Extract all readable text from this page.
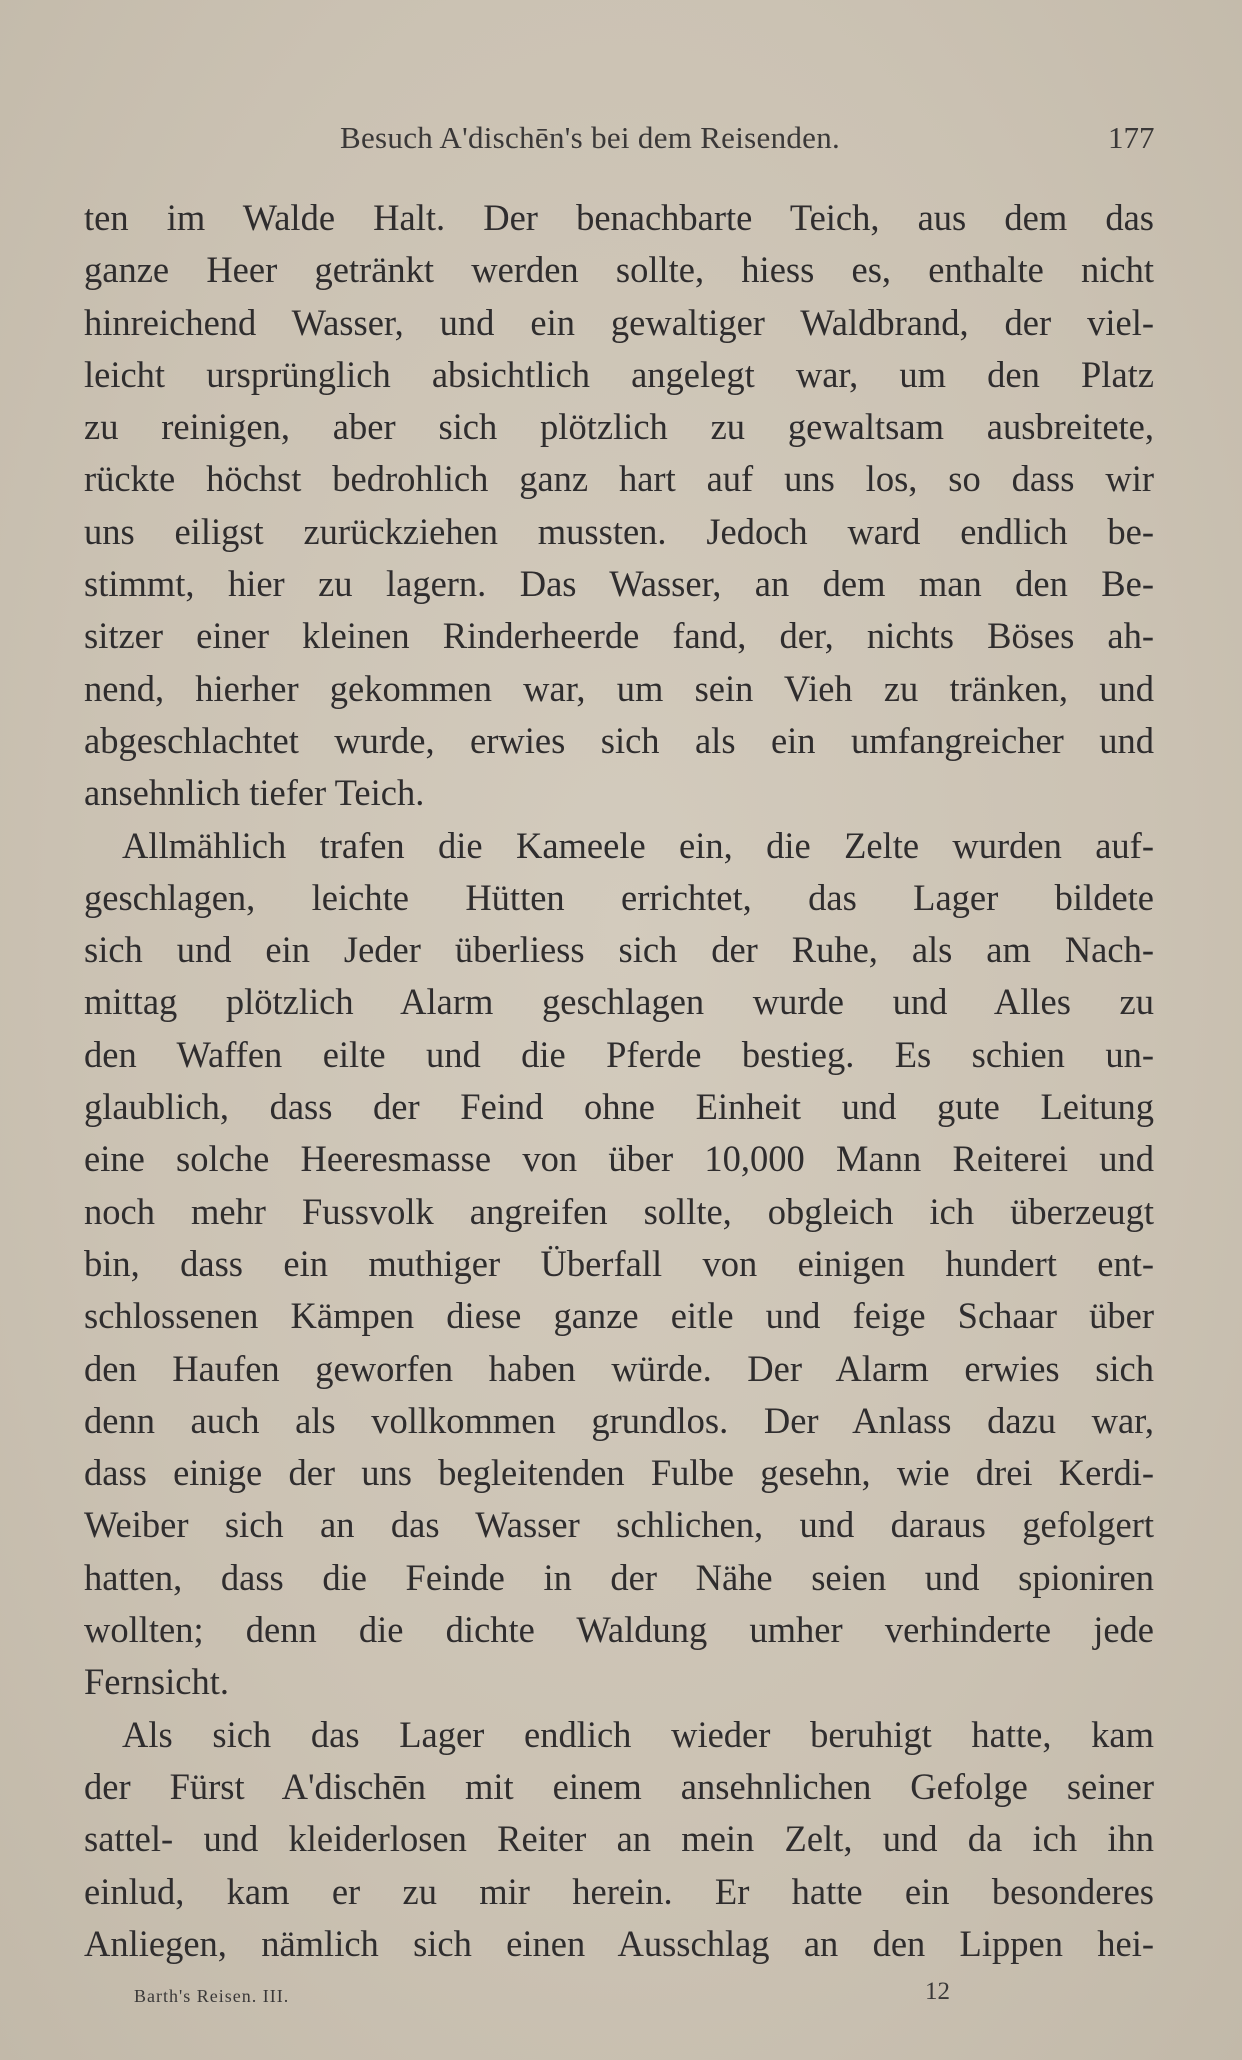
Besuch A'dischēn's bei dem Reisenden.	177
ten im Walde Halt. Der benachbarte Teich, aus dem das
ganze Heer getränkt werden sollte, hiess es, enthalte nicht
hinreichend Wasser, und ein gewaltiger Waldbrand, der viel-
leicht ursprünglich absichtlich angelegt war, um den Platz
zu reinigen, aber sich plötzlich zu gewaltsam ausbreitete,
rückte höchst bedrohlich ganz hart auf uns los, so dass wir
uns eiligst zurückziehen mussten. Jedoch ward endlich be-
stimmt, hier zu lagern. Das Wasser, an dem man den Be-
sitzer einer kleinen Rinderheerde fand, der, nichts Böses ah-
nend, hierher gekommen war, um sein Vieh zu tränken, und
abgeschlachtet wurde, erwies sich als ein umfangreicher und
ansehnlich tiefer Teich.
Allmählich trafen die Kameele ein, die Zelte wurden auf-
geschlagen, leichte Hütten errichtet, das Lager bildete
sich und ein Jeder überliess sich der Ruhe, als am Nach-
mittag plötzlich Alarm geschlagen wurde und Alles zu
den Waffen eilte und die Pferde bestieg. Es schien un-
glaublich, dass der Feind ohne Einheit und gute Leitung
eine solche Heeresmasse von über 10,000 Mann Reiterei und
noch mehr Fussvolk angreifen sollte, obgleich ich überzeugt
bin, dass ein muthiger Überfall von einigen hundert ent-
schlossenen Kämpen diese ganze eitle und feige Schaar über
den Haufen geworfen haben würde. Der Alarm erwies sich
denn auch als vollkommen grundlos. Der Anlass dazu war,
dass einige der uns begleitenden Fulbe gesehn, wie drei Kerdi-
Weiber sich an das Wasser schlichen, und daraus gefolgert
hatten, dass die Feinde in der Nähe seien und spioniren
wollten; denn die dichte Waldung umher verhinderte jede
Fernsicht.
Als sich das Lager endlich wieder beruhigt hatte, kam
der Fürst A'dischēn mit einem ansehnlichen Gefolge seiner
sattel- und kleiderlosen Reiter an mein Zelt, und da ich ihn
einlud, kam er zu mir herein. Er hatte ein besonderes
Anliegen, nämlich sich einen Ausschlag an den Lippen hei-
Barth's Reisen. III.	12
